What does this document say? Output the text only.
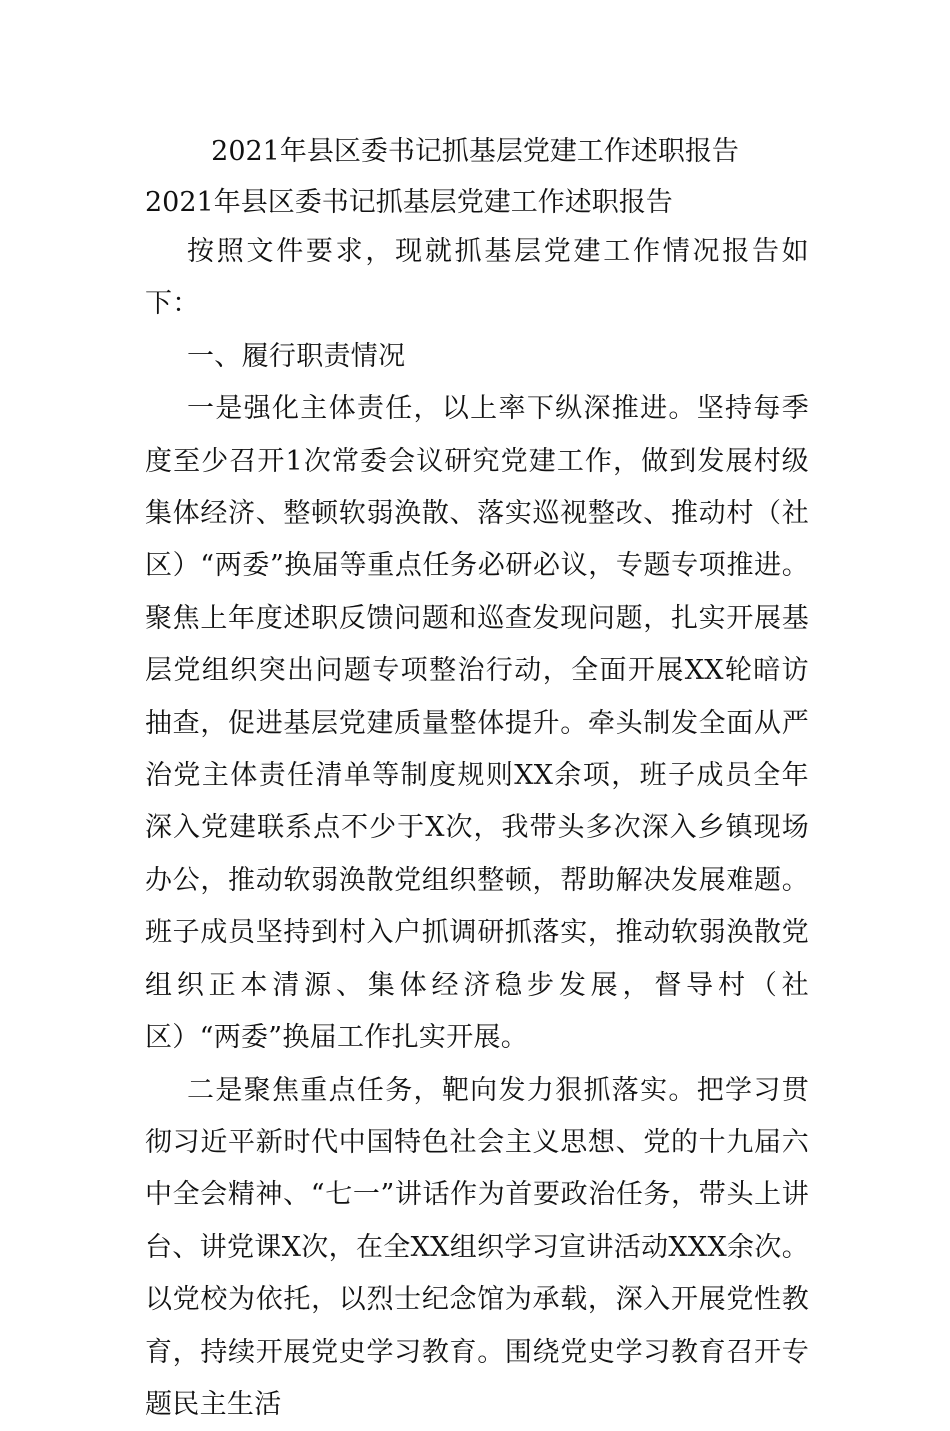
2021年县区委书记抓基层党建工作述职报告
2021年县区委书记抓基层党建工作述职报告

按照文件要求，现就抓基层党建工作情况报告如下：

一、履行职责情况

一是强化主体责任，以上率下纵深推进。坚持每季度至少召开1次常委会议研究党建工作，做到发展村级集体经济、整顿软弱涣散、落实巡视整改、推动村（社区）“两委”换届等重点任务必研必议，专题专项推进。聚焦上年度述职反馈问题和巡查发现问题，扎实开展基层党组织突出问题专项整治行动，全面开展XX轮暗访抽查，促进基层党建质量整体提升。牵头制发全面从严治党主体责任清单等制度规则XX余项，班子成员全年深入党建联系点不少于X次，我带头多次深入乡镇现场办公，推动软弱涣散党组织整顿，帮助解决发展难题。班子成员坚持到村入户抓调研抓落实，推动软弱涣散党组织正本清源、集体经济稳步发展，督导村（社区）“两委”换届工作扎实开展。

二是聚焦重点任务，靶向发力狠抓落实。把学习贯彻习近平新时代中国特色社会主义思想、党的十九届六中全会精神、“七一”讲话作为首要政治任务，带头上讲台、讲党课X次，在全XX组织学习宣讲活动XXX余次。以党校为依托，以烈士纪念馆为承载，深入开展党性教育，持续开展党史学习教育。围绕党史学习教育召开专题民主生活
